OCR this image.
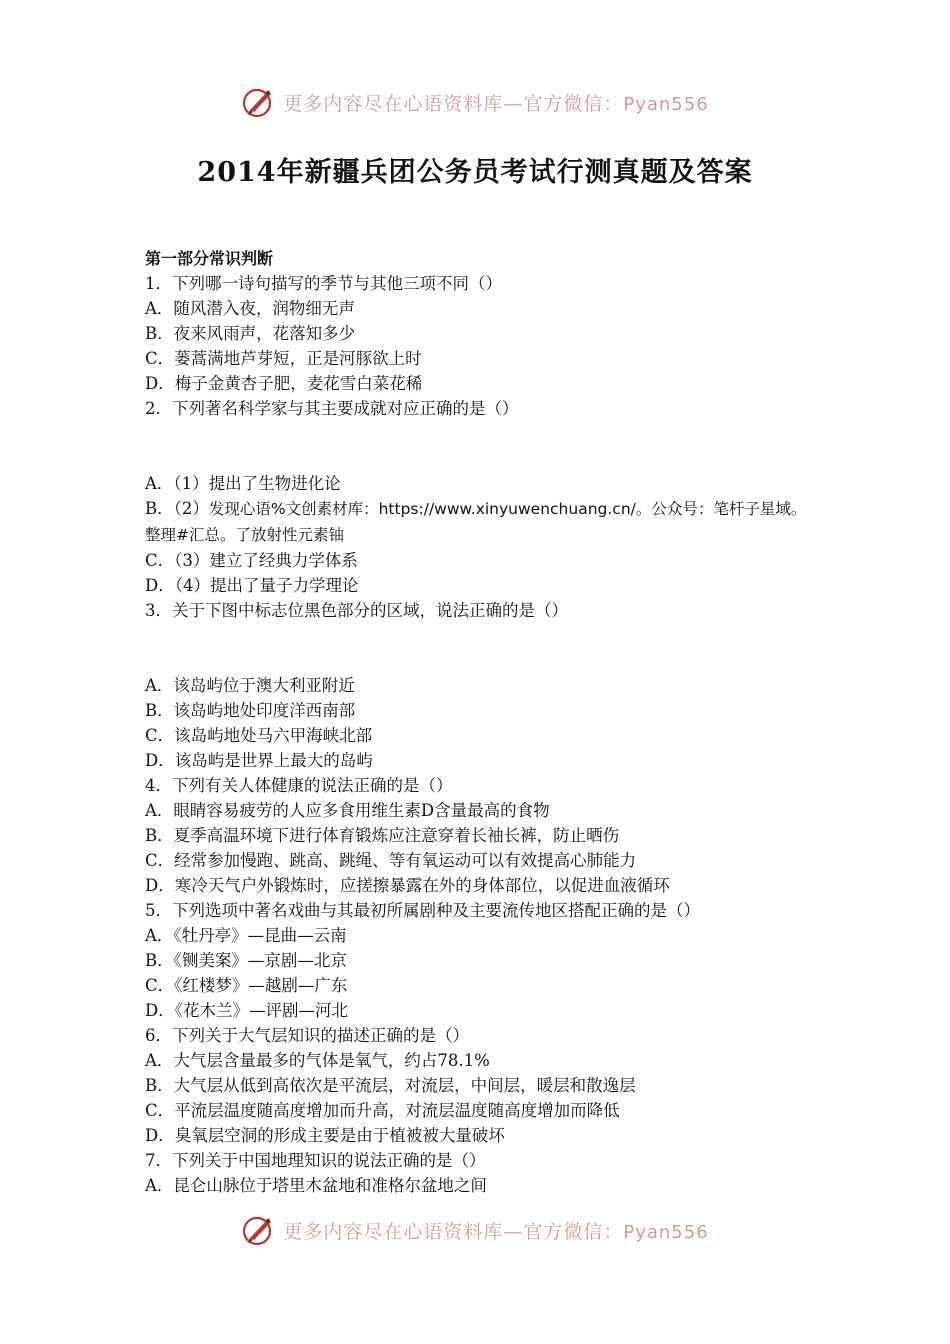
更多内容尽在心语资料库—官方微信：Pyan556
2014年新疆兵团公务员考试行测真题及答案
第一部分常识判断
1．下列哪一诗句描写的季节与其他三项不同（）
A．随风潜入夜，润物细无声
B．夜来风雨声，花落知多少
C．蒌蒿满地芦芽短，正是河豚欲上时
D．梅子金黄杏子肥，麦花雪白菜花稀
2．下列著名科学家与其主要成就对应正确的是（）
A．（1）提出了生物进化论
B．（2）发现心语%文创素材库：https://www.xinyuwenchuang.cn/。公众号：笔杆子星域。整理#汇总。了放射性元素铀
C．（3）建立了经典力学体系
D．（4）提出了量子力学理论
3．关于下图中标志位黑色部分的区域，说法正确的是（）
A．该岛屿位于澳大利亚附近
B．该岛屿地处印度洋西南部
C．该岛屿地处马六甲海峡北部
D．该岛屿是世界上最大的岛屿
4．下列有关人体健康的说法正确的是（）
A．眼睛容易疲劳的人应多食用维生素D含量最高的食物
B．夏季高温环境下进行体育锻炼应注意穿着长袖长裤，防止晒伤
C．经常参加慢跑、跳高、跳绳、等有氧运动可以有效提高心肺能力
D．寒冷天气户外锻炼时，应搓擦暴露在外的身体部位，以促进血液循环
5．下列选项中著名戏曲与其最初所属剧种及主要流传地区搭配正确的是（）
A．《牡丹亭》—昆曲—云南
B．《铡美案》—京剧—北京
C．《红楼梦》—越剧—广东
D．《花木兰》—评剧—河北
6．下列关于大气层知识的描述正确的是（）
A．大气层含量最多的气体是氧气，约占78.1%
B．大气层从低到高依次是平流层，对流层，中间层，暖层和散逸层
C．平流层温度随高度增加而升高，对流层温度随高度增加而降低
D．臭氧层空洞的形成主要是由于植被被大量破坏
7．下列关于中国地理知识的说法正确的是（）
A．昆仑山脉位于塔里木盆地和准格尔盆地之间
更多内容尽在心语资料库—官方微信：Pyan556
